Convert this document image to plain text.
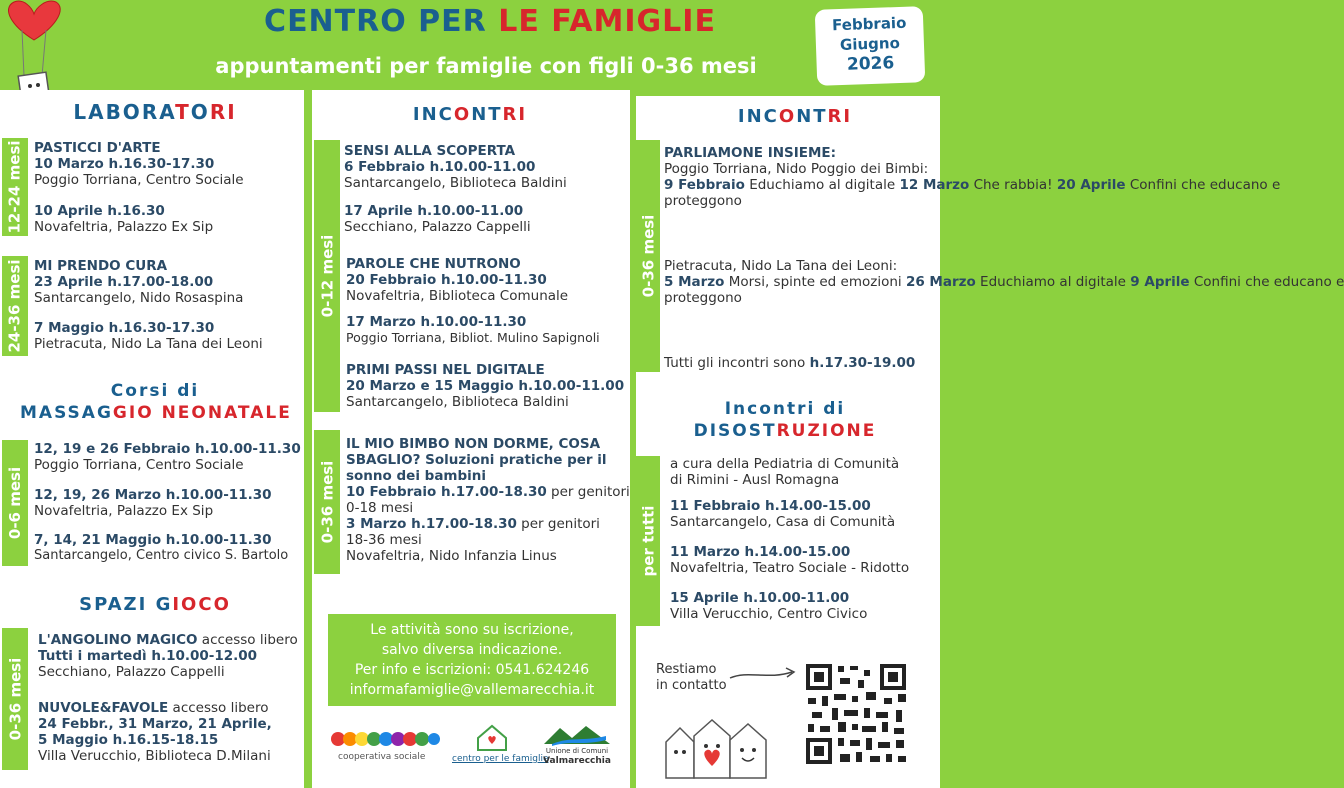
CENTRO PER LE FAMIGLIE
appuntamenti per famiglie con figli 0-36 mesi
Febbraio
Giugno
2026
LABORATORI
12-24 mesi PASTICCI D'ARTE
10 Marzo h.16.30-17.30
Poggio Torriana, Centro Sociale
10 Aprile h.16.30
Novafeltria, Palazzo Ex Sip
24-36 mesi MI PRENDO CURA
23 Aprile h.17.00-18.00
Santarcangelo, Nido Rosaspina
7 Maggio h.16.30-17.30
Pietracuta, Nido La Tana dei Leoni
Corsi di
MASSAGGIO NEONATALE
0-6 mesi
12, 19 e 26 Febbraio h.10.00-11.30
Poggio Torriana, Centro Sociale
12, 19, 26 Marzo h.10.00-11.30
Novafeltria, Palazzo Ex Sip
7, 14, 21 Maggio h.10.00-11.30
Santarcangelo, Centro civico S. Bartolo
SPAZI GIOCO
0-36 mesi
L'ANGOLINO MAGICO accesso libero
Tutti i martedì h.10.00-12.00
Secchiano, Palazzo Cappelli
NUVOLE&FAVOLE accesso libero
24 Febbr., 31 Marzo, 21 Aprile,
5 Maggio h.16.15-18.15
Villa Verucchio, Biblioteca D.Milani
INCONTRI
0-12 mesi
SENSI ALLA SCOPERTA
6 Febbraio h.10.00-11.00
Santarcangelo, Biblioteca Baldini
17 Aprile h.10.00-11.00
Secchiano, Palazzo Cappelli
PAROLE CHE NUTRONO
20 Febbraio h.10.00-11.30
Novafeltria, Biblioteca Comunale
17 Marzo h.10.00-11.30
Poggio Torriana, Bibliot. Mulino Sapignoli
PRIMI PASSI NEL DIGITALE
20 Marzo e 15 Maggio h.10.00-11.00
Santarcangelo, Biblioteca Baldini
0-36 mesi
IL MIO BIMBO NON DORME, COSA
SBAGLIO? Soluzioni pratiche per il
sonno dei bambini
10 Febbraio h.17.00-18.30 per genitori
0-18 mesi
3 Marzo h.17.00-18.30 per genitori
18-36 mesi
Novafeltria, Nido Infanzia Linus
Le attività sono su iscrizione,
salvo diversa indicazione.
Per info e iscrizioni: 0541.624246
informafamiglie@vallemarecchia.it
cooperativa sociale	centro per le famiglie
Unione di Comuni
Valmarecchia
INCONTRI
0-36 mesi
PARLIAMONE INSIEME:
Poggio Torriana, Nido Poggio dei Bimbi:
9 Febbraio Educhiamo al digitale 12 Marzo Che rabbia! 20 Aprile Confini che educano e
proteggono
Pietracuta, Nido La Tana dei Leoni:
5 Marzo Morsi, spinte ed emozioni 26 Marzo Educhiamo al digitale 9 Aprile Confini che educano e
proteggono
Tutti gli incontri sono h.17.30-19.00
Incontri di
DISOSTRUZIONE
per tutti
a cura della Pediatria di Comunità
di Rimini - Ausl Romagna
11 Febbraio h.14.00-15.00
Santarcangelo, Casa di Comunità
11 Marzo h.14.00-15.00
Novafeltria, Teatro Sociale - Ridotto
15 Aprile h.10.00-11.00
Villa Verucchio, Centro Civico
Restiamo
in contatto
